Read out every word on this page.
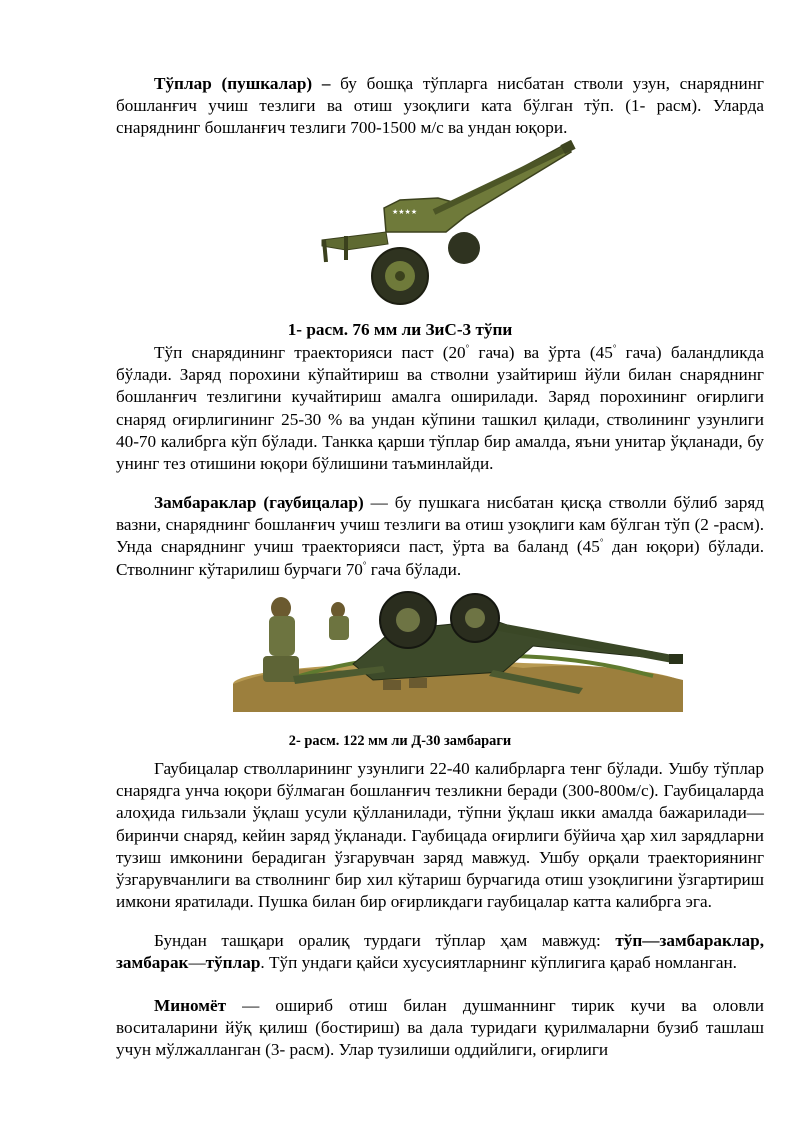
Тўплар (пушкалар) – бу бошқа тўпларга нисбатан стволи узун, снаряднинг бошланғич учиш тезлиги ва отиш узоқлиги ката бўлган тўп. (1- расм). Уларда снаряднинг бошланғич тезлиги 700-1500 м/с ва ундан юқори.

★★★★

1- расм. 76 мм ли ЗиС-3 тўпи

Тўп снарядининг траекторияси паст (20° гача) ва ўрта (45° гача) баландликда бўлади. Заряд порохини кўпайтириш ва стволни узайтириш йўли билан снаряднинг бошланғич тезлигини кучайтириш амалга оширилади. Заряд порохининг оғирлиги снаряд оғирлигининг 25-30 % ва ундан кўпини ташкил қилади, стволининг узунлиги 40-70 калибрга кўп бўлади. Танкка қарши тўплар бир амалда, яъни унитар ўқланади, бу унинг тез отишини юқори бўлишини таъминлайди.

Замбараклар (гаубицалар) — бу пушкага нисбатан қисқа стволли бўлиб заряд вазни, снаряднинг бошланғич учиш тезлиги ва отиш узоқлиги кам бўлган тўп (2 -расм). Унда снаряднинг учиш траекторияси паст, ўрта ва баланд (45° дан юқори) бўлади. Стволнинг кўтарилиш бурчаги 70° гача бўлади.

2- расм. 122 мм ли Д-30 замбараги

Гаубицалар стволларининг узунлиги 22-40 калибрларга тенг бўлади. Ушбу тўплар снарядга унча юқори бўлмаган бошланғич тезликни беради (300-800м/с). Гаубицаларда алоҳида гильзали ўқлаш усули қўлланилади, тўпни ўқлаш икки амалда бажарилади—биринчи снаряд, кейин заряд ўқланади. Гаубицада оғирлиги бўйича ҳар хил зарядларни тузиш имконини берадиган ўзгарувчан заряд мавжуд. Ушбу орқали траекториянинг ўзгарувчанлиги ва стволнинг бир хил кўтариш бурчагида отиш узоқлигини ўзгартириш имкони яратилади. Пушка билан бир оғирликдаги гаубицалар катта калибрга эга.

Бундан ташқари оралиқ турдаги тўплар ҳам мавжуд: тўп—замбараклар, замбарак—тўплар. Тўп ундаги қайси хусусиятларнинг кўплигига қараб номланган.

Миномёт — ошириб отиш билан душманнинг тирик кучи ва оловли воситаларини йўқ қилиш (бостириш) ва дала туридаги қурилмаларни бузиб ташлаш учун мўлжалланган (3- расм). Улар тузилиши оддийлиги, оғирлиги
